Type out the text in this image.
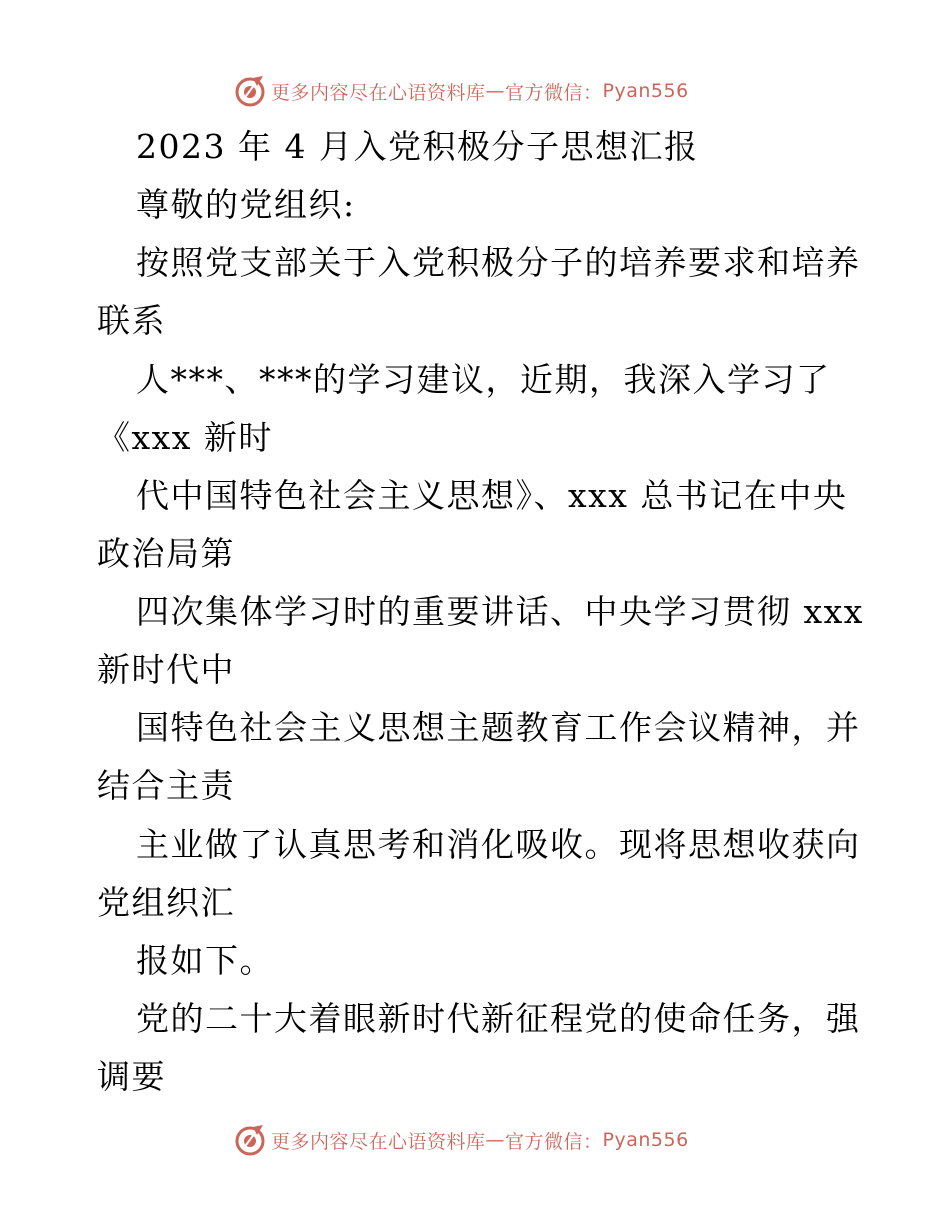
更多内容尽在心语资料库 — 官方微信： Pyan556
2023 年 4 月入党积极分子思想汇报
尊敬的党组织:
按照党支部关于入党积极分子的培养要求和培养
联系
人***、***的学习建议，近期，我深入学习了
《xxx 新时
代中国特色社会主义思想》、xxx 总书记在中央
政治局第
四次集体学习时的重要讲话、中央学习贯彻 xxx
新时代中
国特色社会主义思想主题教育工作会议精神，并
结合主责
主业做了认真思考和消化吸收。现将思想收获向
党组织汇
报如下。
党的二十大着眼新时代新征程党的使命任务，强
调要
更多内容尽在心语资料库 — 官方微信： Pyan556
